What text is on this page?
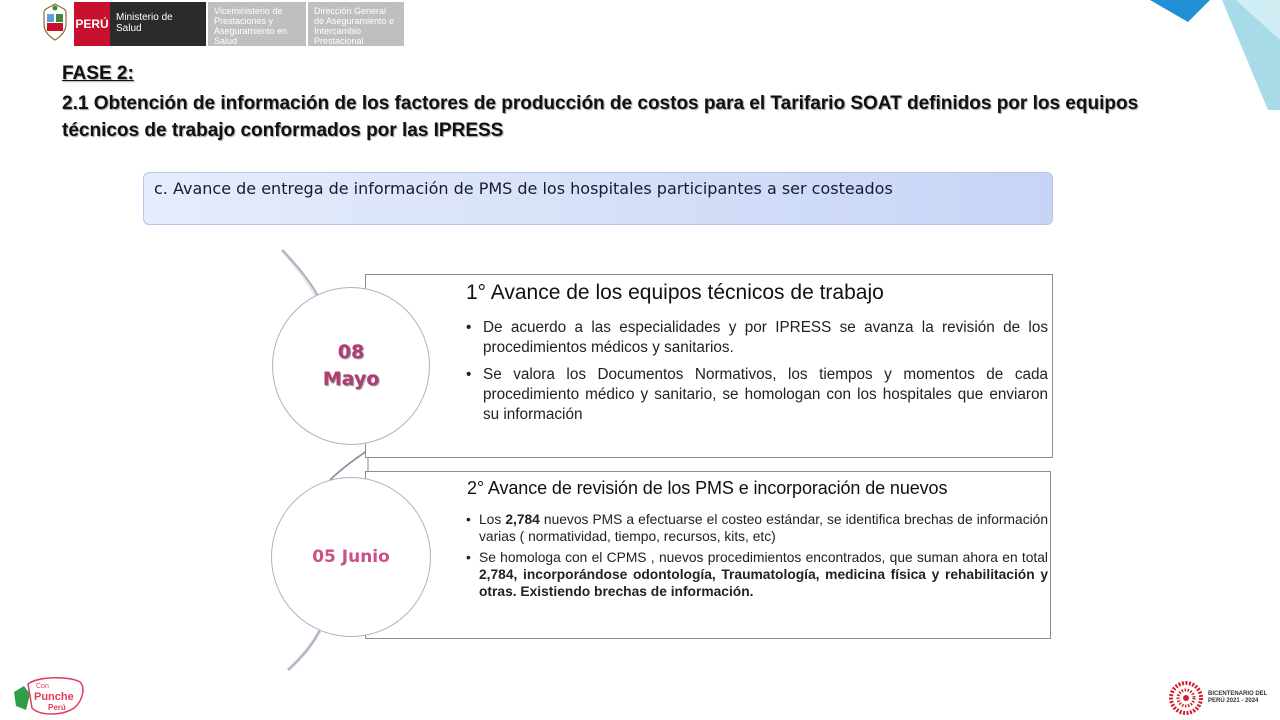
PERÚ Ministerio de Salud
Viceministerio de Prestaciones y Aseguramiento en Salud
Dirección General de Aseguramiento e Intercambio Prestacional
FASE 2:
2.1 Obtención de información de los factores de producción de costos para el Tarifario SOAT definidos por los equipos técnicos de trabajo conformados por las IPRESS
c. Avance de entrega de información de PMS de los hospitales participantes a ser costeados
1° Avance de los equipos técnicos de trabajo
• De acuerdo a las especialidades y por IPRESS se avanza la revisión de los procedimientos médicos y sanitarios.
• Se valora los Documentos Normativos, los tiempos y momentos de cada procedimiento médico y sanitario, se homologan con los hospitales que enviaron su información
2° Avance de revisión de los PMS e incorporación de nuevos
• Los 2,784 nuevos PMS a efectuarse el costeo estándar, se identifica brechas de información varias ( normatividad, tiempo, recursos, kits, etc)
• Se homologa con el CPMS , nuevos procedimientos encontrados, que suman ahora en total 2,784, incorporándose odontología, Traumatología, medicina física y rehabilitación y otras. Existiendo brechas de información.
08
Mayo
05 Junio
Con
Punche
Perú
BICENTENARIO DEL PERÚ 2021 - 2024
